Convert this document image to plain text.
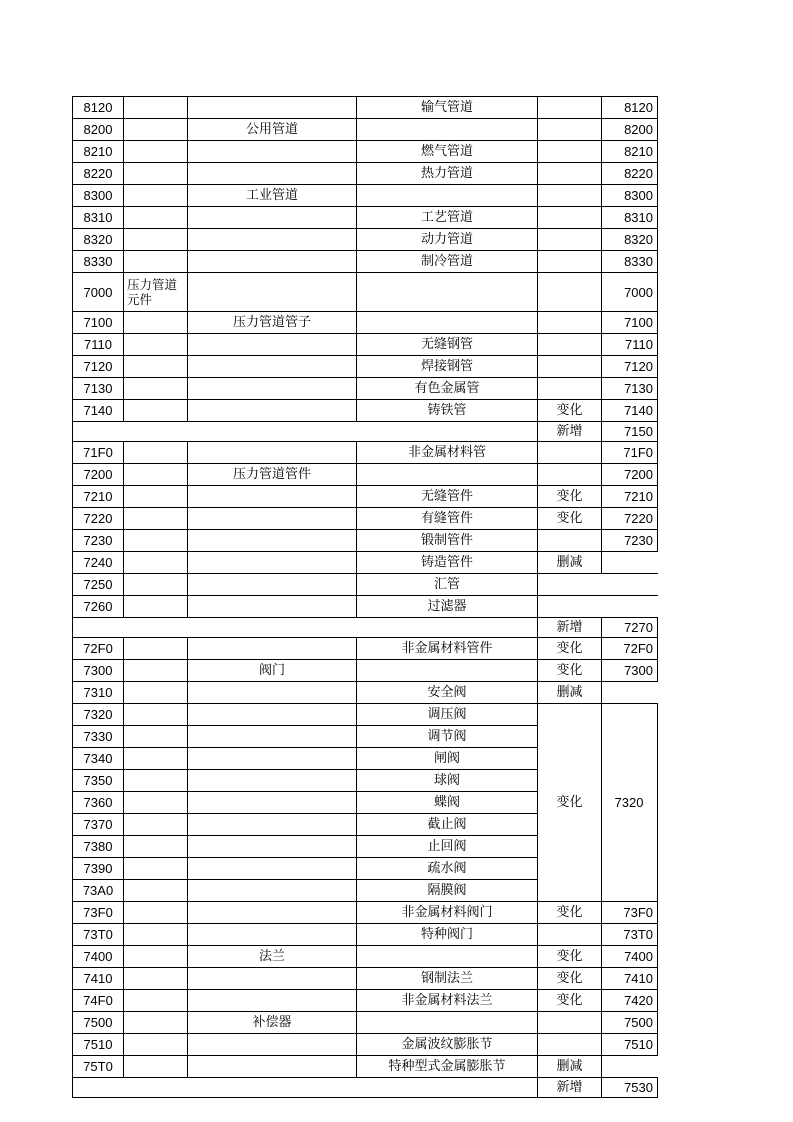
8120			输气管道		8120
8200		公用管道			8200
8210			燃气管道		8210
8220			热力管道		8220
8300		工业管道			8300
8310			工艺管道		8310
8320			动力管道		8320
8330			制冷管道		8330
7000	压力管道元件				7000
7100		压力管道管子			7100
7110			无缝钢管		7110
7120			焊接钢管		7120
7130			有色金属管		7130
7140			铸铁管	变化	7140
				新增	7150
71F0			非金属材料管		71F0
7200		压力管道管件			7200
7210			无缝管件	变化	7210
7220			有缝管件	变化	7220
7230			锻制管件		7230
7240			铸造管件	删减	
7250			汇管		
7260			过滤器		
				新增	7270
72F0			非金属材料管件	变化	72F0
7300		阀门		变化	7300
7310			安全阀	删减	
7320			调压阀	变化	7320
7330			调节阀		
7340			闸阀		
7350			球阀		
7360			蝶阀		
7370			截止阀		
7380			止回阀		
7390			疏水阀		
73A0			隔膜阀		
73F0			非金属材料阀门	变化	73F0
73T0			特种阀门		73T0
7400		法兰		变化	7400
7410			钢制法兰	变化	7410
74F0			非金属材料法兰	变化	7420
7500		补偿器			7500
7510			金属波纹膨胀节		7510
75T0			特种型式金属膨胀节	删减	
				新增	7530
